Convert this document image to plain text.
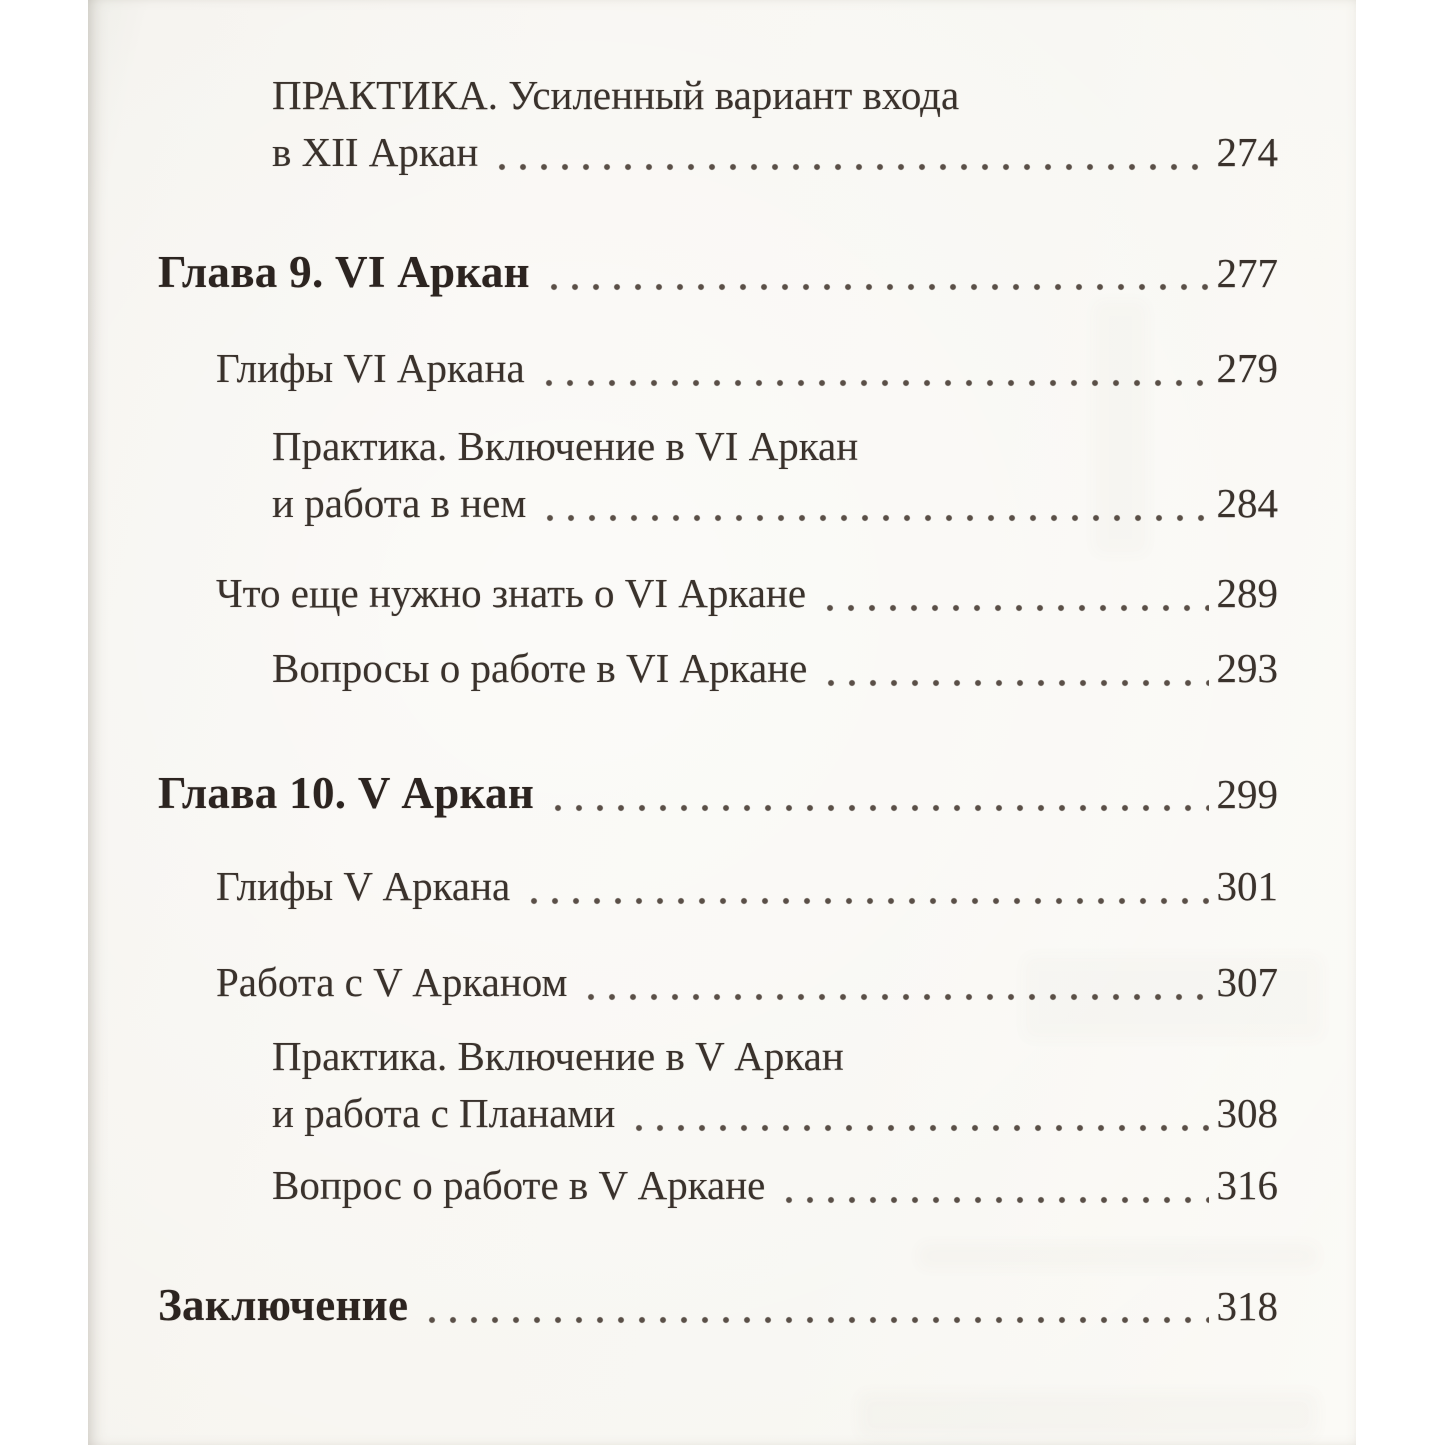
ПРАКТИКА. Усиленный вариант входа
в XII Аркан	274
Глава 9. VI Аркан	277
Глифы VI Аркана	279
Практика. Включение в VI Аркан
и работа в нем	284
Что еще нужно знать о VI Аркане	289
Вопросы о работе в VI Аркане	293
Глава 10. V Аркан	299
Глифы V Аркана	301
Работа с V Арканом	307
Практика. Включение в V Аркан
и работа с Планами	308
Вопрос о работе в V Аркане	316
Заключение	318
